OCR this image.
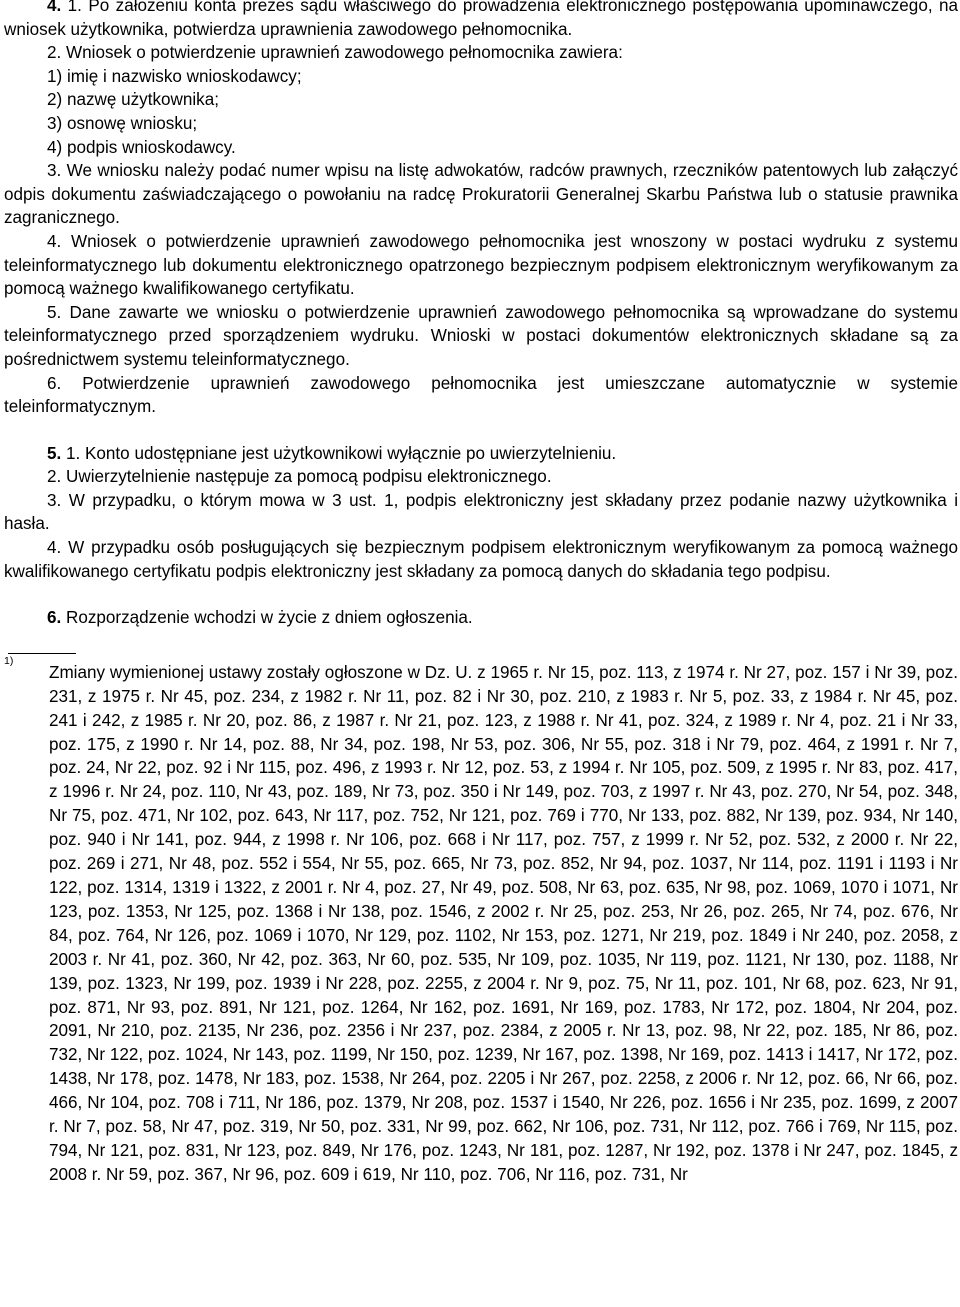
4. 1. Po założeniu konta prezes sądu właściwego do prowadzenia elektronicznego postępowania upominawczego, na wniosek użytkownika, potwierdza uprawnienia zawodowego pełnomocnika.

2. Wniosek o potwierdzenie uprawnień zawodowego pełnomocnika zawiera:

1) imię i nazwisko wnioskodawcy;

2) nazwę użytkownika;

3) osnowę wniosku;

4) podpis wnioskodawcy.

3. We wniosku należy podać numer wpisu na listę adwokatów, radców prawnych, rzeczników patentowych lub załączyć odpis dokumentu zaświadczającego o powołaniu na radcę Prokuratorii Generalnej Skarbu Państwa lub o statusie prawnika zagranicznego.

4. Wniosek o potwierdzenie uprawnień zawodowego pełnomocnika jest wnoszony w postaci wydruku z systemu teleinformatycznego lub dokumentu elektronicznego opatrzonego bezpiecznym podpisem elektronicznym weryfikowanym za pomocą ważnego kwalifikowanego certyfikatu.

5. Dane zawarte we wniosku o potwierdzenie uprawnień zawodowego pełnomocnika są wprowadzane do systemu teleinformatycznego przed sporządzeniem wydruku. Wnioski w postaci dokumentów elektronicznych składane są za pośrednictwem systemu teleinformatycznego.

6. Potwierdzenie uprawnień zawodowego pełnomocnika jest umieszczane automatycznie w systemie teleinformatycznym.

5. 1. Konto udostępniane jest użytkownikowi wyłącznie po uwierzytelnieniu.

2. Uwierzytelnienie następuje za pomocą podpisu elektronicznego.

3. W przypadku, o którym mowa w 3 ust. 1, podpis elektroniczny jest składany przez podanie nazwy użytkownika i hasła.

4. W przypadku osób posługujących się bezpiecznym podpisem elektronicznym weryfikowanym za pomocą ważnego kwalifikowanego certyfikatu podpis elektroniczny jest składany za pomocą danych do składania tego podpisu.

6. Rozporządzenie wchodzi w życie z dniem ogłoszenia.

1)
Zmiany wymienionej ustawy zostały ogłoszone w Dz. U. z 1965 r. Nr 15, poz. 113, z 1974 r. Nr 27, poz. 157 i Nr 39, poz. 231, z 1975 r. Nr 45, poz. 234, z 1982 r. Nr 11, poz. 82 i Nr 30, poz. 210, z 1983 r. Nr 5, poz. 33, z 1984 r. Nr 45, poz. 241 i 242, z 1985 r. Nr 20, poz. 86, z 1987 r. Nr 21, poz. 123, z 1988 r. Nr 41, poz. 324, z 1989 r. Nr 4, poz. 21 i Nr 33, poz. 175, z 1990 r. Nr 14, poz. 88, Nr 34, poz. 198, Nr 53, poz. 306, Nr 55, poz. 318 i Nr 79, poz. 464, z 1991 r. Nr 7, poz. 24, Nr 22, poz. 92 i Nr 115, poz. 496, z 1993 r. Nr 12, poz. 53, z 1994 r. Nr 105, poz. 509, z 1995 r. Nr 83, poz. 417, z 1996 r. Nr 24, poz. 110, Nr 43, poz. 189, Nr 73, poz. 350 i Nr 149, poz. 703, z 1997 r. Nr 43, poz. 270, Nr 54, poz. 348, Nr 75, poz. 471, Nr 102, poz. 643, Nr 117, poz. 752, Nr 121, poz. 769 i 770, Nr 133, poz. 882, Nr 139, poz. 934, Nr 140, poz. 940 i Nr 141, poz. 944, z 1998 r. Nr 106, poz. 668 i Nr 117, poz. 757, z 1999 r. Nr 52, poz. 532, z 2000 r. Nr 22, poz. 269 i 271, Nr 48, poz. 552 i 554, Nr 55, poz. 665, Nr 73, poz. 852, Nr 94, poz. 1037, Nr 114, poz. 1191 i 1193 i Nr 122, poz. 1314, 1319 i 1322, z 2001 r. Nr 4, poz. 27, Nr 49, poz. 508, Nr 63, poz. 635, Nr 98, poz. 1069, 1070 i 1071, Nr 123, poz. 1353, Nr 125, poz. 1368 i Nr 138, poz. 1546, z 2002 r. Nr 25, poz. 253, Nr 26, poz. 265, Nr 74, poz. 676, Nr 84, poz. 764, Nr 126, poz. 1069 i 1070, Nr 129, poz. 1102, Nr 153, poz. 1271, Nr 219, poz. 1849 i Nr 240, poz. 2058, z 2003 r. Nr 41, poz. 360, Nr 42, poz. 363, Nr 60, poz. 535, Nr 109, poz. 1035, Nr 119, poz. 1121, Nr 130, poz. 1188, Nr 139, poz. 1323, Nr 199, poz. 1939 i Nr 228, poz. 2255, z 2004 r. Nr 9, poz. 75, Nr 11, poz. 101, Nr 68, poz. 623, Nr 91, poz. 871, Nr 93, poz. 891, Nr 121, poz. 1264, Nr 162, poz. 1691, Nr 169, poz. 1783, Nr 172, poz. 1804, Nr 204, poz. 2091, Nr 210, poz. 2135, Nr 236, poz. 2356 i Nr 237, poz. 2384, z 2005 r. Nr 13, poz. 98, Nr 22, poz. 185, Nr 86, poz. 732, Nr 122, poz. 1024, Nr 143, poz. 1199, Nr 150, poz. 1239, Nr 167, poz. 1398, Nr 169, poz. 1413 i 1417, Nr 172, poz. 1438, Nr 178, poz. 1478, Nr 183, poz. 1538, Nr 264, poz. 2205 i Nr 267, poz. 2258, z 2006 r. Nr 12, poz. 66, Nr 66, poz. 466, Nr 104, poz. 708 i 711, Nr 186, poz. 1379, Nr 208, poz. 1537 i 1540, Nr 226, poz. 1656 i Nr 235, poz. 1699, z 2007 r. Nr 7, poz. 58, Nr 47, poz. 319, Nr 50, poz. 331, Nr 99, poz. 662, Nr 106, poz. 731, Nr 112, poz. 766 i 769, Nr 115, poz. 794, Nr 121, poz. 831, Nr 123, poz. 849, Nr 176, poz. 1243, Nr 181, poz. 1287, Nr 192, poz. 1378 i Nr 247, poz. 1845, z 2008 r. Nr 59, poz. 367, Nr 96, poz. 609 i 619, Nr 110, poz. 706, Nr 116, poz. 731, Nr
